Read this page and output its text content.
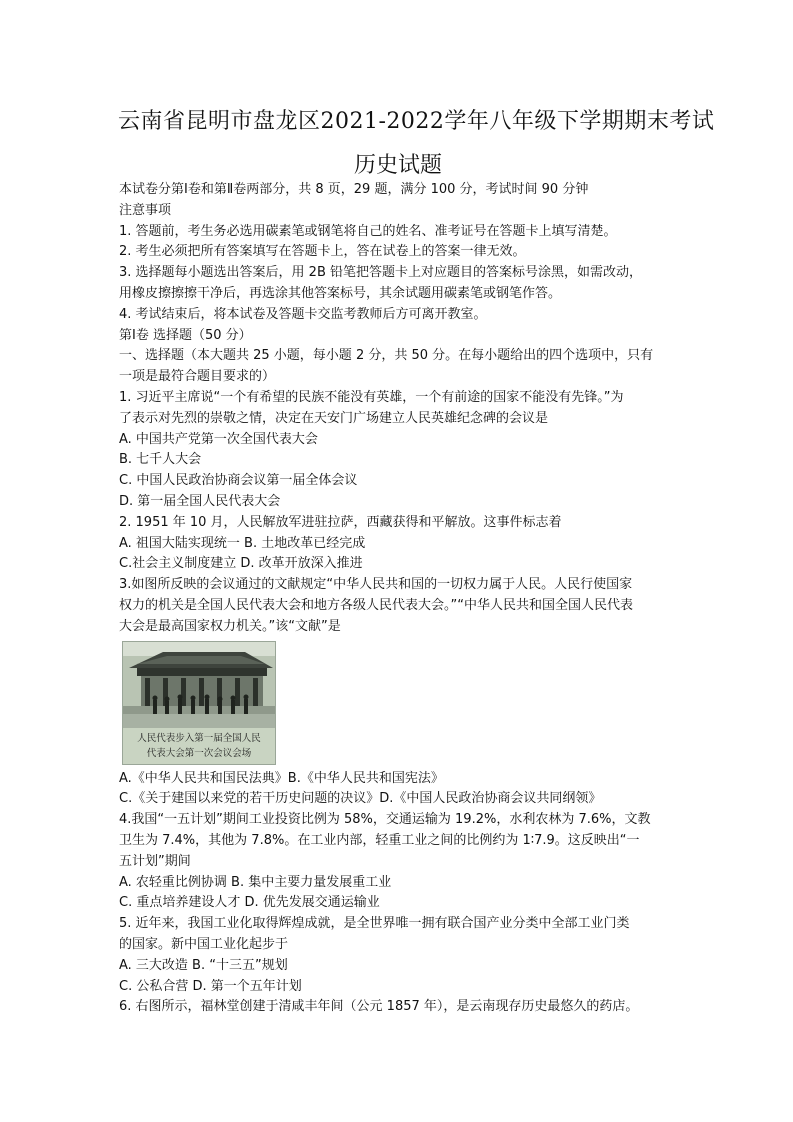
云南省昆明市盘龙区2021-2022学年八年级下学期期末考试
历史试题
本试卷分第Ⅰ卷和第Ⅱ卷两部分，共 8 页，29 题，满分 100 分，考试时间 90 分钟
注意事项
1. 答题前，考生务必选用碳素笔或钢笔将自己的姓名、准考证号在答题卡上填写清楚。
2. 考生必须把所有答案填写在答题卡上，答在试卷上的答案一律无效。
3. 选择题每小题选出答案后，用 2B 铅笔把答题卡上对应题目的答案标号涂黑，如需改动，
用橡皮擦擦擦干净后，再选涂其他答案标号，其余试题用碳素笔或钢笔作答。
4. 考试结束后，将本试卷及答题卡交监考教师后方可离开教室。
第Ⅰ卷 选择题（50 分）
一、选择题（本大题共 25 小题，每小题 2 分，共 50 分。在每小题给出的四个选项中，只有
一项是最符合题目要求的）
1. 习近平主席说“一个有希望的民族不能没有英雄，一个有前途的国家不能没有先锋。”为
了表示对先烈的崇敬之情，决定在天安门广场建立人民英雄纪念碑的会议是
A. 中国共产党第一次全国代表大会
B. 七千人大会
C. 中国人民政治协商会议第一届全体会议
D. 第一届全国人民代表大会
2. 1951 年 10 月，人民解放军进驻拉萨，西藏获得和平解放。这事件标志着
A. 祖国大陆实现统一 B. 土地改革已经完成
C.社会主义制度建立 D. 改革开放深入推进
3.如图所反映的会议通过的文献规定“中华人民共和国的一切权力属于人民。人民行使国家
权力的机关是全国人民代表大会和地方各级人民代表大会。”“中华人民共和国全国人民代表
大会是最高国家权力机关。”该“文献”是
人民代表步入第一届全国人民
代表大会第一次会议会场
A.《中华人民共和国民法典》B.《中华人民共和国宪法》
C.《关于建国以来党的若干历史问题的决议》D.《中国人民政治协商会议共同纲领》
4.我国“一五计划”期间工业投资比例为 58%，交通运输为 19.2%，水利农林为 7.6%，文教
卫生为 7.4%，其他为 7.8%。在工业内部，轻重工业之间的比例约为 1∶7.9。这反映出“一
五计划”期间
A. 农轻重比例协调 B. 集中主要力量发展重工业
C. 重点培养建设人才 D. 优先发展交通运输业
5. 近年来，我国工业化取得辉煌成就，是全世界唯一拥有联合国产业分类中全部工业门类
的国家。新中国工业化起步于
A. 三大改造 B. “十三五”规划
C. 公私合营 D. 第一个五年计划
6. 右图所示，福林堂创建于清咸丰年间（公元 1857 年），是云南现存历史最悠久的药店。
